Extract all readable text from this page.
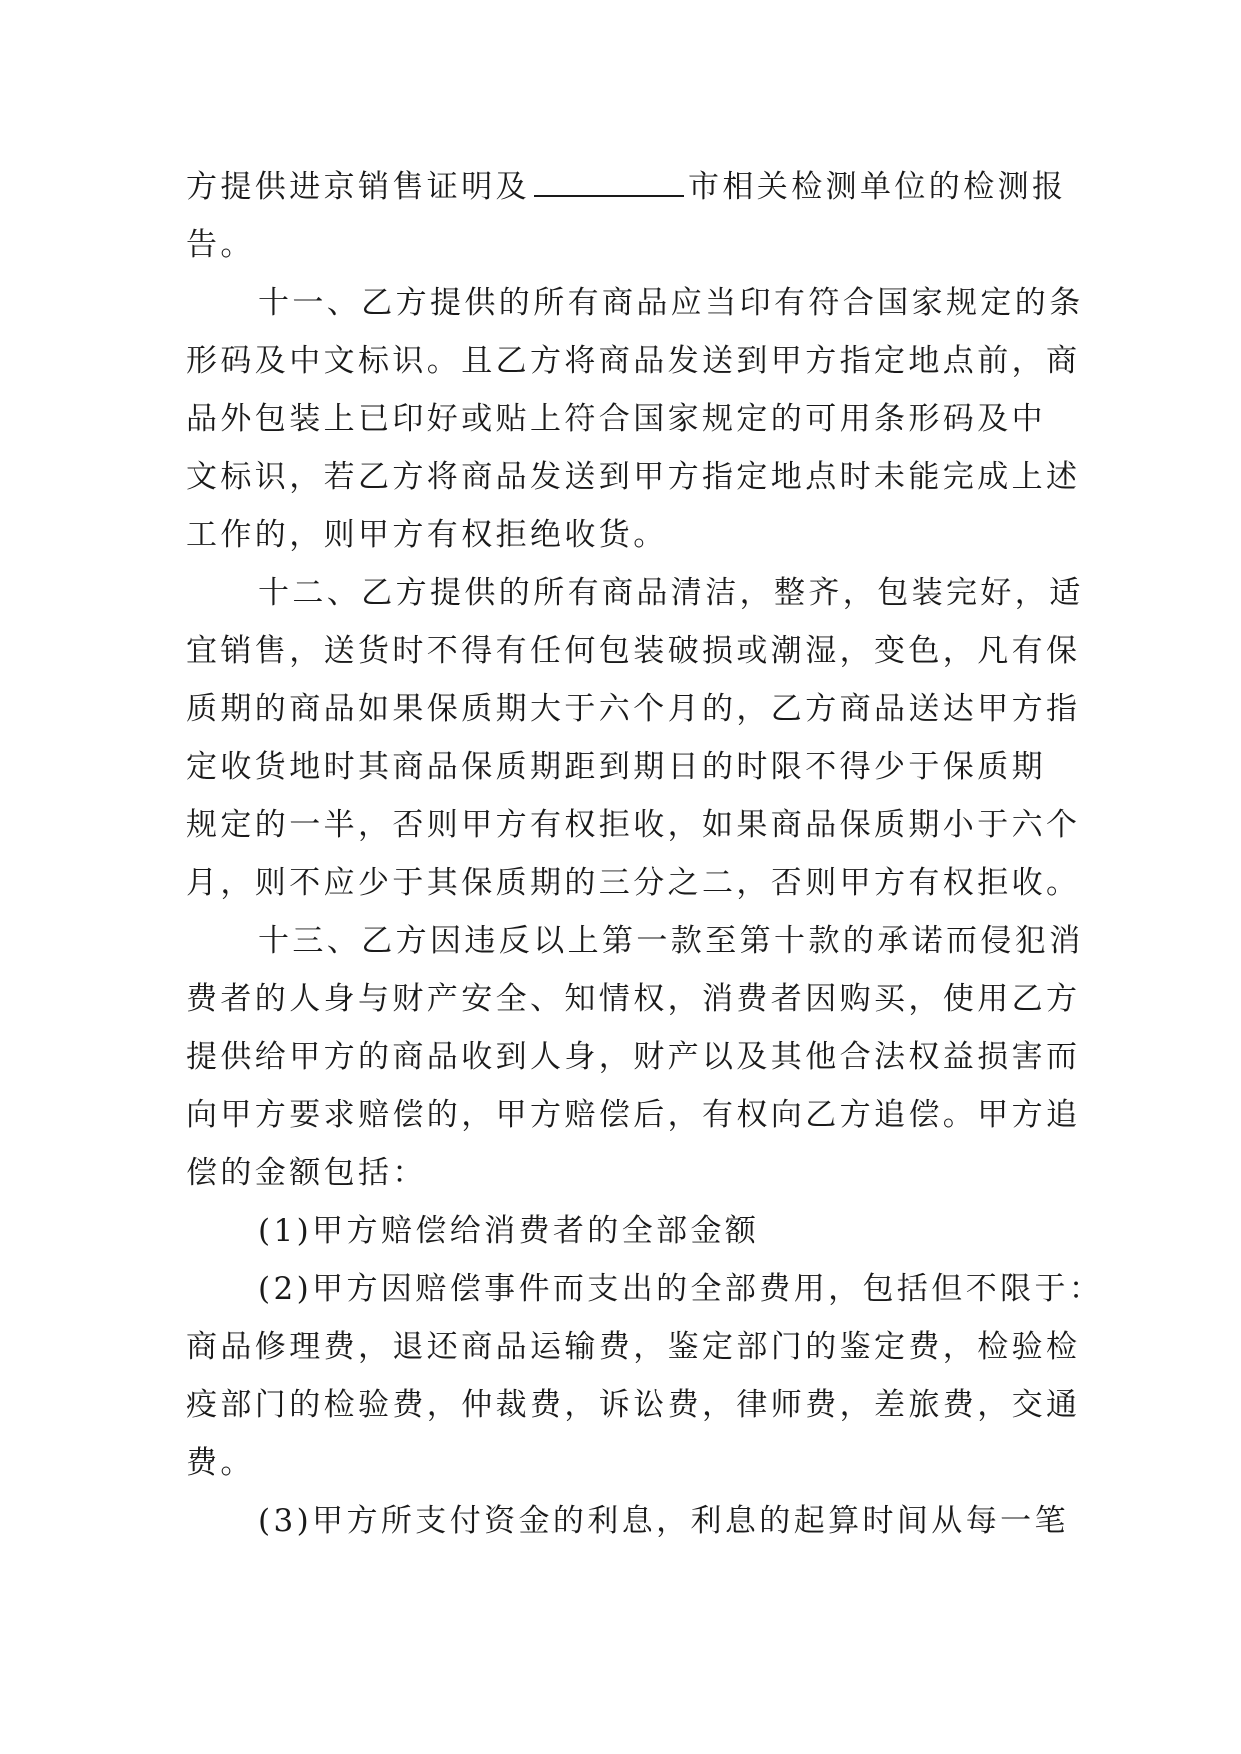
方提供进京销售证明及	市相关检测单位的检测报
告。
十一、乙方提供的所有商品应当印有符合国家规定的条
形码及中文标识。且乙方将商品发送到甲方指定地点前，商
品外包装上已印好或贴上符合国家规定的可用条形码及中
文标识，若乙方将商品发送到甲方指定地点时未能完成上述
工作的，则甲方有权拒绝收货。
十二、乙方提供的所有商品清洁，整齐，包装完好，适
宜销售，送货时不得有任何包装破损或潮湿，变色，凡有保
质期的商品如果保质期大于六个月的，乙方商品送达甲方指
定收货地时其商品保质期距到期日的时限不得少于保质期
规定的一半，否则甲方有权拒收，如果商品保质期小于六个
月，则不应少于其保质期的三分之二，否则甲方有权拒收。
十三、乙方因违反以上第一款至第十款的承诺而侵犯消
费者的人身与财产安全、知情权，消费者因购买，使用乙方
提供给甲方的商品收到人身，财产以及其他合法权益损害而
向甲方要求赔偿的，甲方赔偿后，有权向乙方追偿。甲方追
偿的金额包括：
(1)甲方赔偿给消费者的全部金额
(2)甲方因赔偿事件而支出的全部费用，包括但不限于：
商品修理费，退还商品运输费，鉴定部门的鉴定费，检验检
疫部门的检验费，仲裁费，诉讼费，律师费，差旅费，交通
费。
(3)甲方所支付资金的利息，利息的起算时间从每一笔
